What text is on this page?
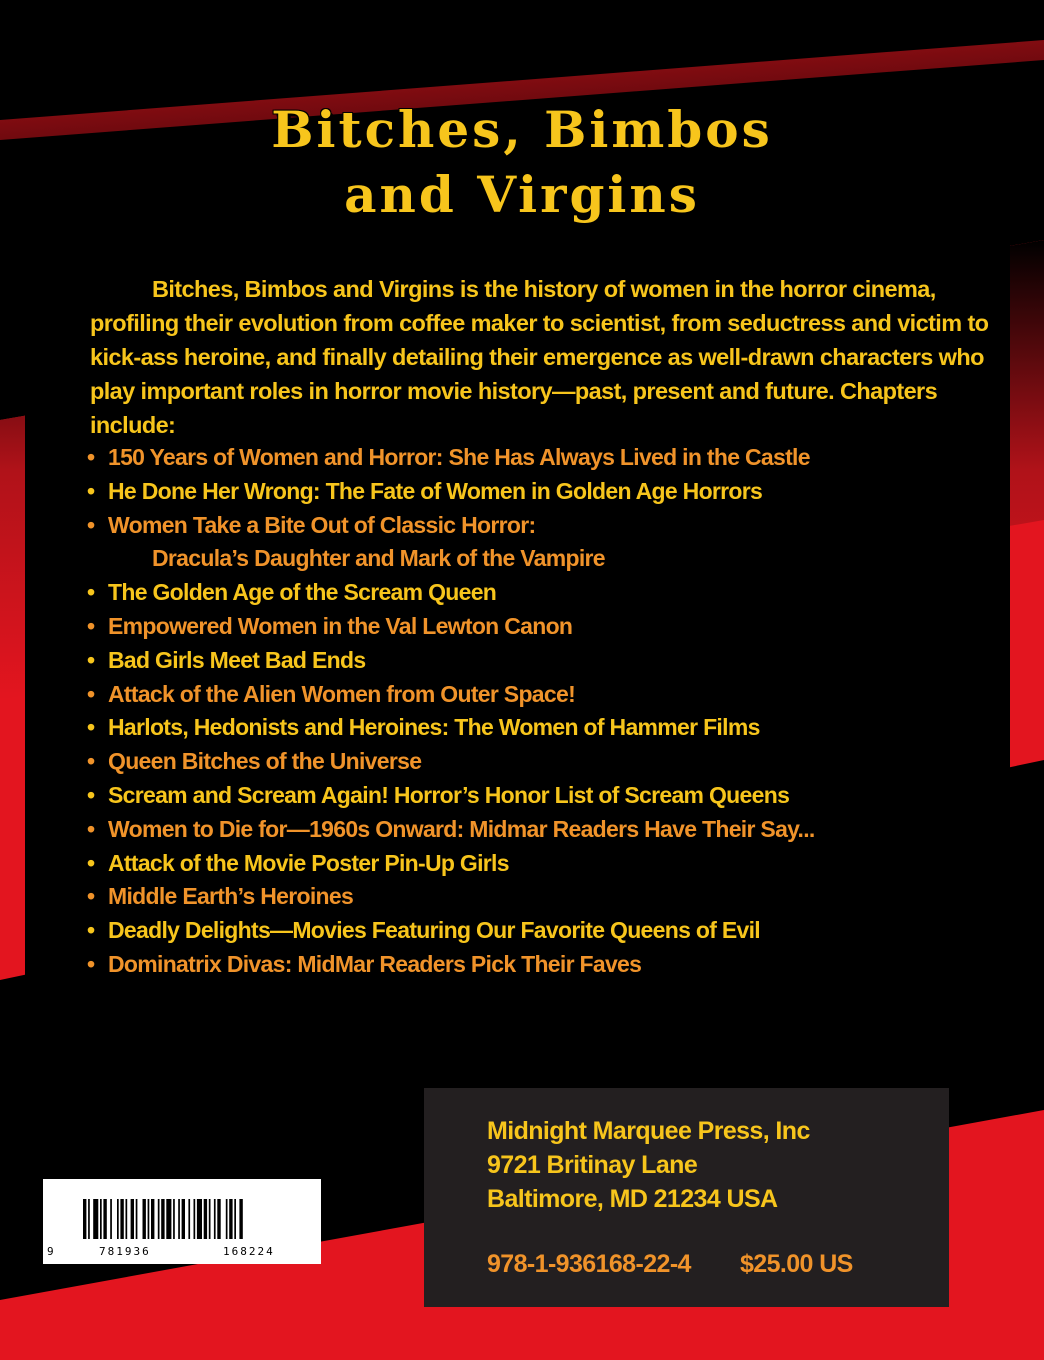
Bitches, Bimbos
and Virgins

Bitches, Bimbos and Virgins is the history of women in the horror cinema, profiling their evolution from coffee maker to scientist, from seductress and victim to kick-ass heroine, and finally detailing their emergence as well-drawn characters who play important roles in horror movie history—past, present and future. Chapters include:

• 150 Years of Women and Horror: She Has Always Lived in the Castle
• He Done Her Wrong: The Fate of Women in Golden Age Horrors
• Women Take a Bite Out of Classic Horror:
Dracula’s Daughter and Mark of the Vampire
• The Golden Age of the Scream Queen
• Empowered Women in the Val Lewton Canon
• Bad Girls Meet Bad Ends
• Attack of the Alien Women from Outer Space!
• Harlots, Hedonists and Heroines: The Women of Hammer Films
• Queen Bitches of the Universe
• Scream and Scream Again! Horror’s Honor List of Scream Queens
• Women to Die for—1960s Onward: Midmar Readers Have Their Say...
• Attack of the Movie Poster Pin-Up Girls
• Middle Earth’s Heroines
• Deadly Delights—Movies Featuring Our Favorite Queens of Evil
• Dominatrix Divas: MidMar Readers Pick Their Faves
Midnight Marquee Press, Inc
9721 Britinay Lane
Baltimore, MD 21234 USA
978-1-936168-22-4 $25.00 US
9	781936	168224
